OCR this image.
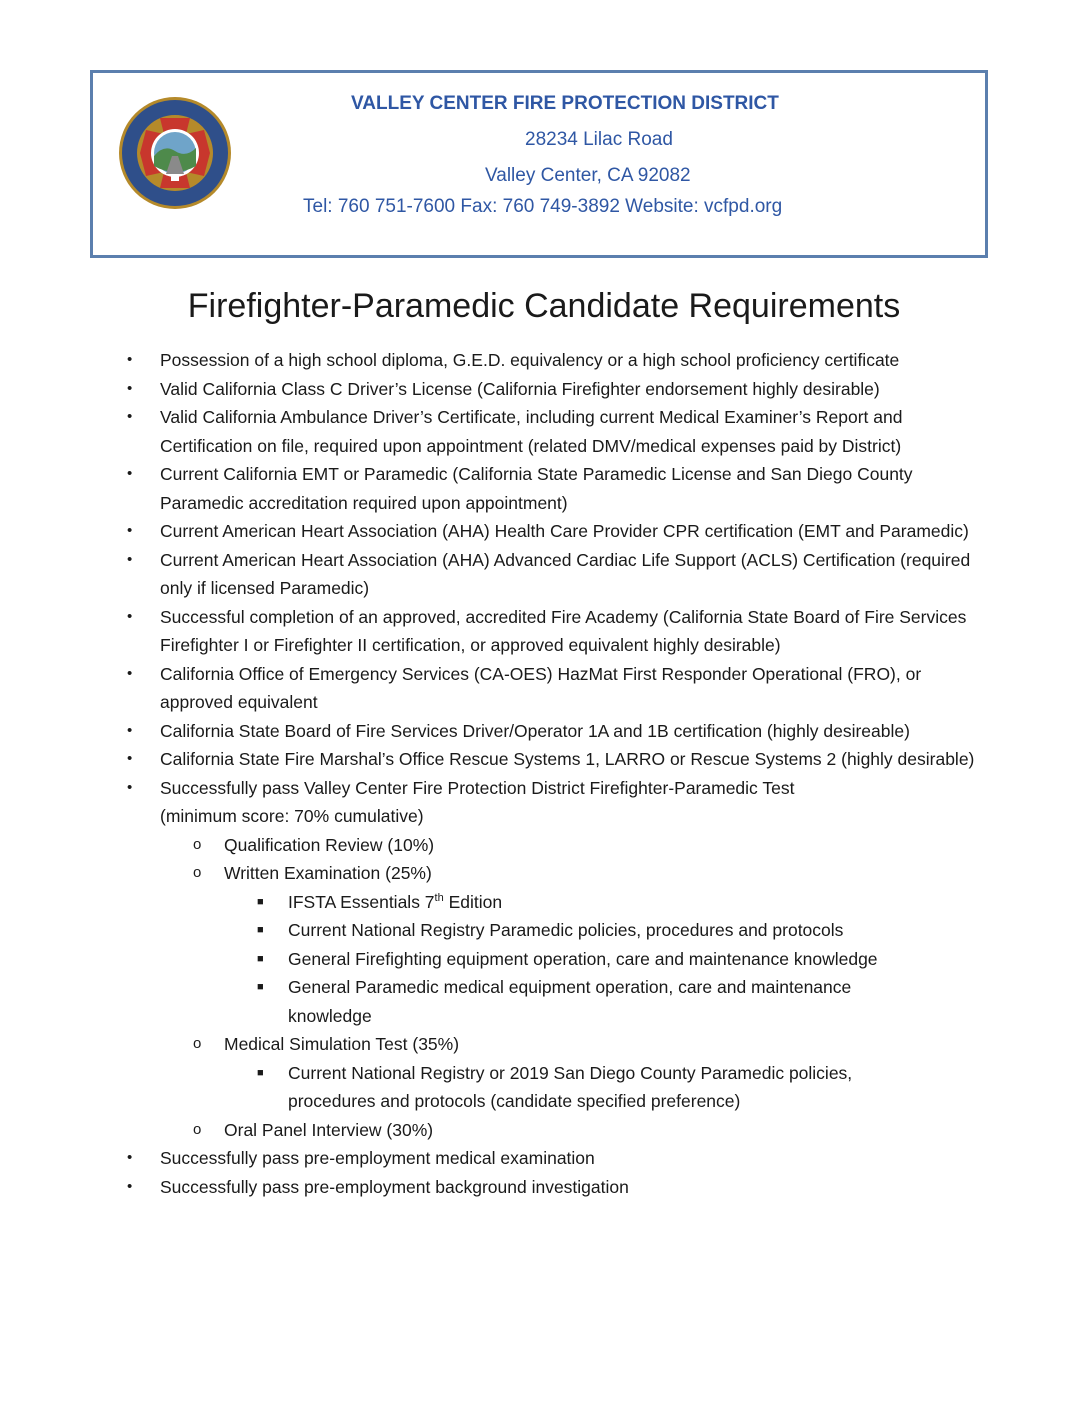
VALLEY CENTER FIRE PROTECTION DISTRICT
28234 Lilac Road
Valley Center, CA 92082
Tel: 760 751-7600 Fax: 760 749-3892 Website: vcfpd.org
Firefighter-Paramedic Candidate Requirements
• Possession of a high school diploma, G.E.D. equivalency or a high school proficiency certificate
• Valid California Class C Driver’s License (California Firefighter endorsement highly desirable)
• Valid California Ambulance Driver’s Certificate, including current Medical Examiner’s Report and Certification on file, required upon appointment (related DMV/medical expenses paid by District)
• Current California EMT or Paramedic (California State Paramedic License and San Diego County Paramedic accreditation required upon appointment)
• Current American Heart Association (AHA) Health Care Provider CPR certification (EMT and Paramedic)
• Current American Heart Association (AHA) Advanced Cardiac Life Support (ACLS) Certification (required only if licensed Paramedic)
• Successful completion of an approved, accredited Fire Academy (California State Board of Fire Services Firefighter I or Firefighter II certification, or approved equivalent highly desirable)
• California Office of Emergency Services (CA-OES) HazMat First Responder Operational (FRO), or approved equivalent
• California State Board of Fire Services Driver/Operator 1A and 1B certification (highly desireable)
• California State Fire Marshal’s Office Rescue Systems 1, LARRO or Rescue Systems 2 (highly desirable)
• Successfully pass Valley Center Fire Protection District Firefighter-Paramedic Test (minimum score: 70% cumulative)
o Qualification Review (10%)
o Written Examination (25%)
■ IFSTA Essentials 7th Edition
■ Current National Registry Paramedic policies, procedures and protocols
■ General Firefighting equipment operation, care and maintenance knowledge
■ General Paramedic medical equipment operation, care and maintenance knowledge
o Medical Simulation Test (35%)
■ Current National Registry or 2019 San Diego County Paramedic policies, procedures and protocols (candidate specified preference)
o Oral Panel Interview (30%)
• Successfully pass pre-employment medical examination
• Successfully pass pre-employment background investigation
